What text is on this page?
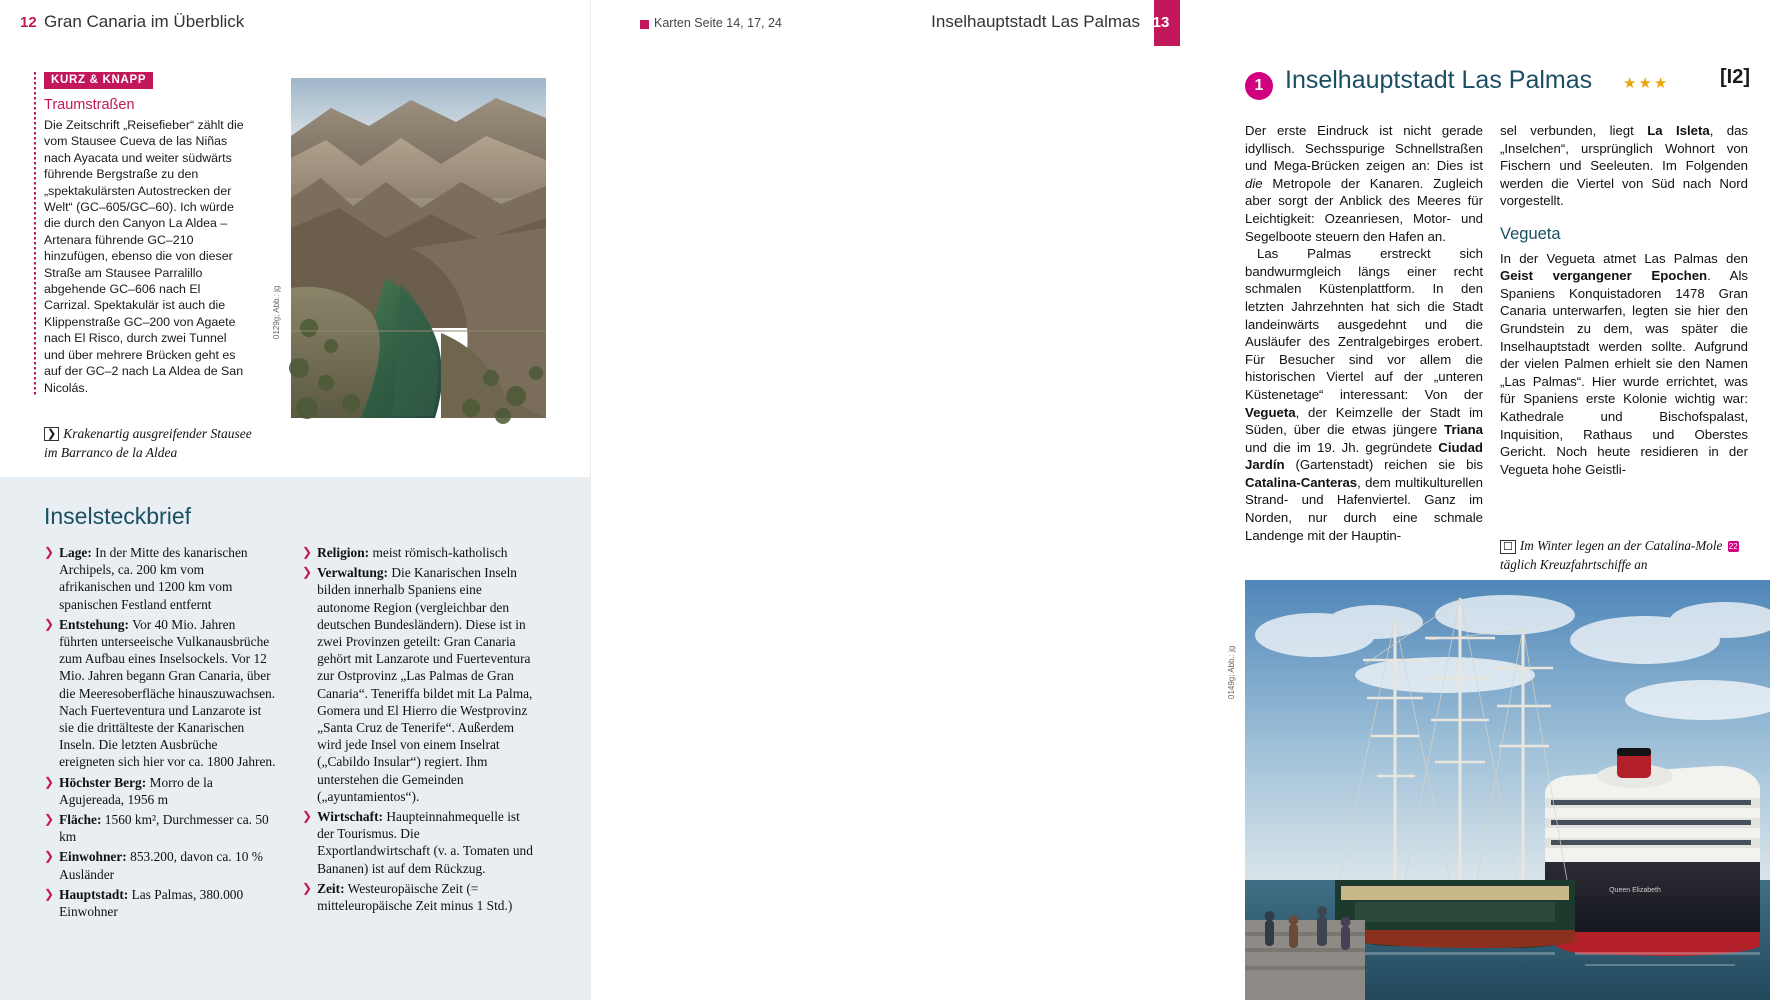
12 Gran Canaria im Überblick
KURZ & KNAPP
Traumstraßen
Die Zeitschrift „Reisefieber“ zählt die vom Stausee Cueva de las Niñas nach Ayacata und weiter südwärts führende Bergstraße zu den „spektakulärsten Autostrecken der Welt“ (GC–605/GC–60). Ich würde die durch den Canyon La Aldea – Artenara führende GC–210 hinzufügen, ebenso die von dieser Straße am Stausee Parralillo abgehende GC–606 nach El Carrizal. Spektakulär ist auch die Klippenstraße GC–200 von Agaete nach El Risco, durch zwei Tunnel und über mehrere Brücken geht es auf der GC–2 nach La Aldea de San Nicolás.
0129g; Abb.: jg
❯ Krakenartig ausgreifender Stausee im Barranco de la Aldea
Inselsteckbrief
❯ Lage: In der Mitte des kanarischen Archipels, ca. 200 km vom afrikanischen und 1200 km vom spanischen Festland entfernt
❯ Entstehung: Vor 40 Mio. Jahren führten unterseeische Vulkanausbrüche zum Aufbau eines Inselsockels. Vor 12 Mio. Jahren begann Gran Canaria, über die Meeresoberfläche hinauszuwachsen. Nach Fuerteventura und Lanzarote ist sie die drittälteste der Kanarischen Inseln. Die letzten Ausbrüche ereigneten sich hier vor ca. 1800 Jahren.
❯ Höchster Berg: Morro de la Agujereada, 1956 m
❯ Fläche: 1560 km², Durchmesser ca. 50 km
❯ Einwohner: 853.200, davon ca. 10 % Ausländer
❯ Hauptstadt: Las Palmas, 380.000 Einwohner
❯ Religion: meist römisch-katholisch
❯ Verwaltung: Die Kanarischen Inseln bilden innerhalb Spaniens eine autonome Region (vergleichbar den deutschen Bundesländern). Diese ist in zwei Provinzen geteilt: Gran Canaria gehört mit Lanzarote und Fuerteventura zur Ostprovinz „Las Palmas de Gran Canaria“. Teneriffa bildet mit La Palma, Gomera und El Hierro die Westprovinz „Santa Cruz de Tenerife“. Außerdem wird jede Insel von einem Inselrat („Cabildo Insular“) regiert. Ihm unterstehen die Gemeinden („ayuntamientos“).
❯ Wirtschaft: Haupteinnahmequelle ist der Tourismus. Die Exportlandwirtschaft (v. a. Tomaten und Bananen) ist auf dem Rückzug.
❯ Zeit: Westeuropäische Zeit (= mitteleuropäische Zeit minus 1 Std.)
Karten Seite 14, 17, 24	Inselhauptstadt Las Palmas 13
1 Inselhauptstadt Las Palmas ★★★	[I2]

Der erste Eindruck ist nicht gerade idyllisch. Sechsspurige Schnellstraßen und Mega-Brücken zeigen an: Dies ist die Metropole der Kanaren. Zugleich aber sorgt der Anblick des Meeres für Leichtigkeit: Ozeanriesen, Motor- und Segelboote steuern den Hafen an.

Las Palmas erstreckt sich bandwurmgleich längs einer recht schmalen Küstenplattform. In den letzten Jahrzehnten hat sich die Stadt landeinwärts ausgedehnt und die Ausläufer des Zentralgebirges erobert. Für Besucher sind vor allem die historischen Viertel auf der „unteren Küstenetage“ interessant: Von der Vegueta, der Keimzelle der Stadt im Süden, über die etwas jüngere Triana und die im 19. Jh. gegründete Ciudad Jardín (Gartenstadt) reichen sie bis Catalina-Canteras, dem multikulturellen Strand- und Hafenviertel. Ganz im Norden, nur durch eine schmale Landenge mit der Hauptin-

sel verbunden, liegt La Isleta, das „Inselchen“, ursprünglich Wohnort von Fischern und Seeleuten. Im Folgenden werden die Viertel von Süd nach Nord vorgestellt.

Vegueta

In der Vegueta atmet Las Palmas den Geist vergangener Epochen. Als Spaniens Konquistadoren 1478 Gran Canaria unterwarfen, legten sie hier den Grundstein zu dem, was später die Inselhauptstadt werden sollte. Aufgrund der vielen Palmen erhielt sie den Namen „Las Palmas“. Hier wurde errichtet, was für Spaniens erste Kolonie wichtig war: Kathedrale und Bischofspalast, Inquisition, Rathaus und Oberstes Gericht. Noch heute residieren in der Vegueta hohe Geistli-

☐ Im Winter legen an der Catalina-Mole 22 täglich Kreuzfahrtschiffe an
0149g; Abb.: jg
Queen Elizabeth
